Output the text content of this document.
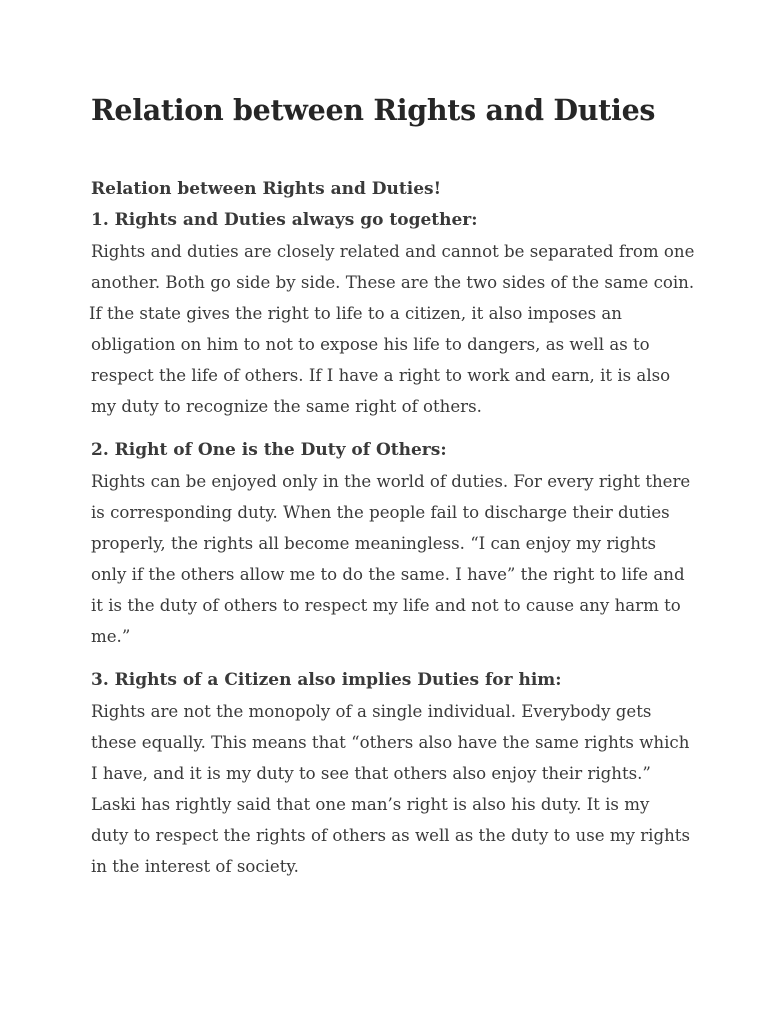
Relation between Rights and Duties
Relation between Rights and Duties!
1. Rights and Duties always go together:

Rights and duties are closely related and cannot be separated from one
another. Both go side by side. These are the two sides of the same coin.
If the state gives the right to life to a citizen, it also imposes an
obligation on him to not to expose his life to dangers, as well as to
respect the life of others. If I have a right to work and earn, it is also
my duty to recognize the same right of others.

2. Right of One is the Duty of Others:

Rights can be enjoyed only in the world of duties. For every right there
is corresponding duty. When the people fail to discharge their duties
properly, the rights all become meaningless. “I can enjoy my rights
only if the others allow me to do the same. I have” the right to life and
it is the duty of others to respect my life and not to cause any harm to
me.”

3. Rights of a Citizen also implies Duties for him:

Rights are not the monopoly of a single individual. Everybody gets
these equally. This means that “others also have the same rights which
I have, and it is my duty to see that others also enjoy their rights.”
Laski has rightly said that one man’s right is also his duty. It is my
duty to respect the rights of others as well as the duty to use my rights
in the interest of society.
